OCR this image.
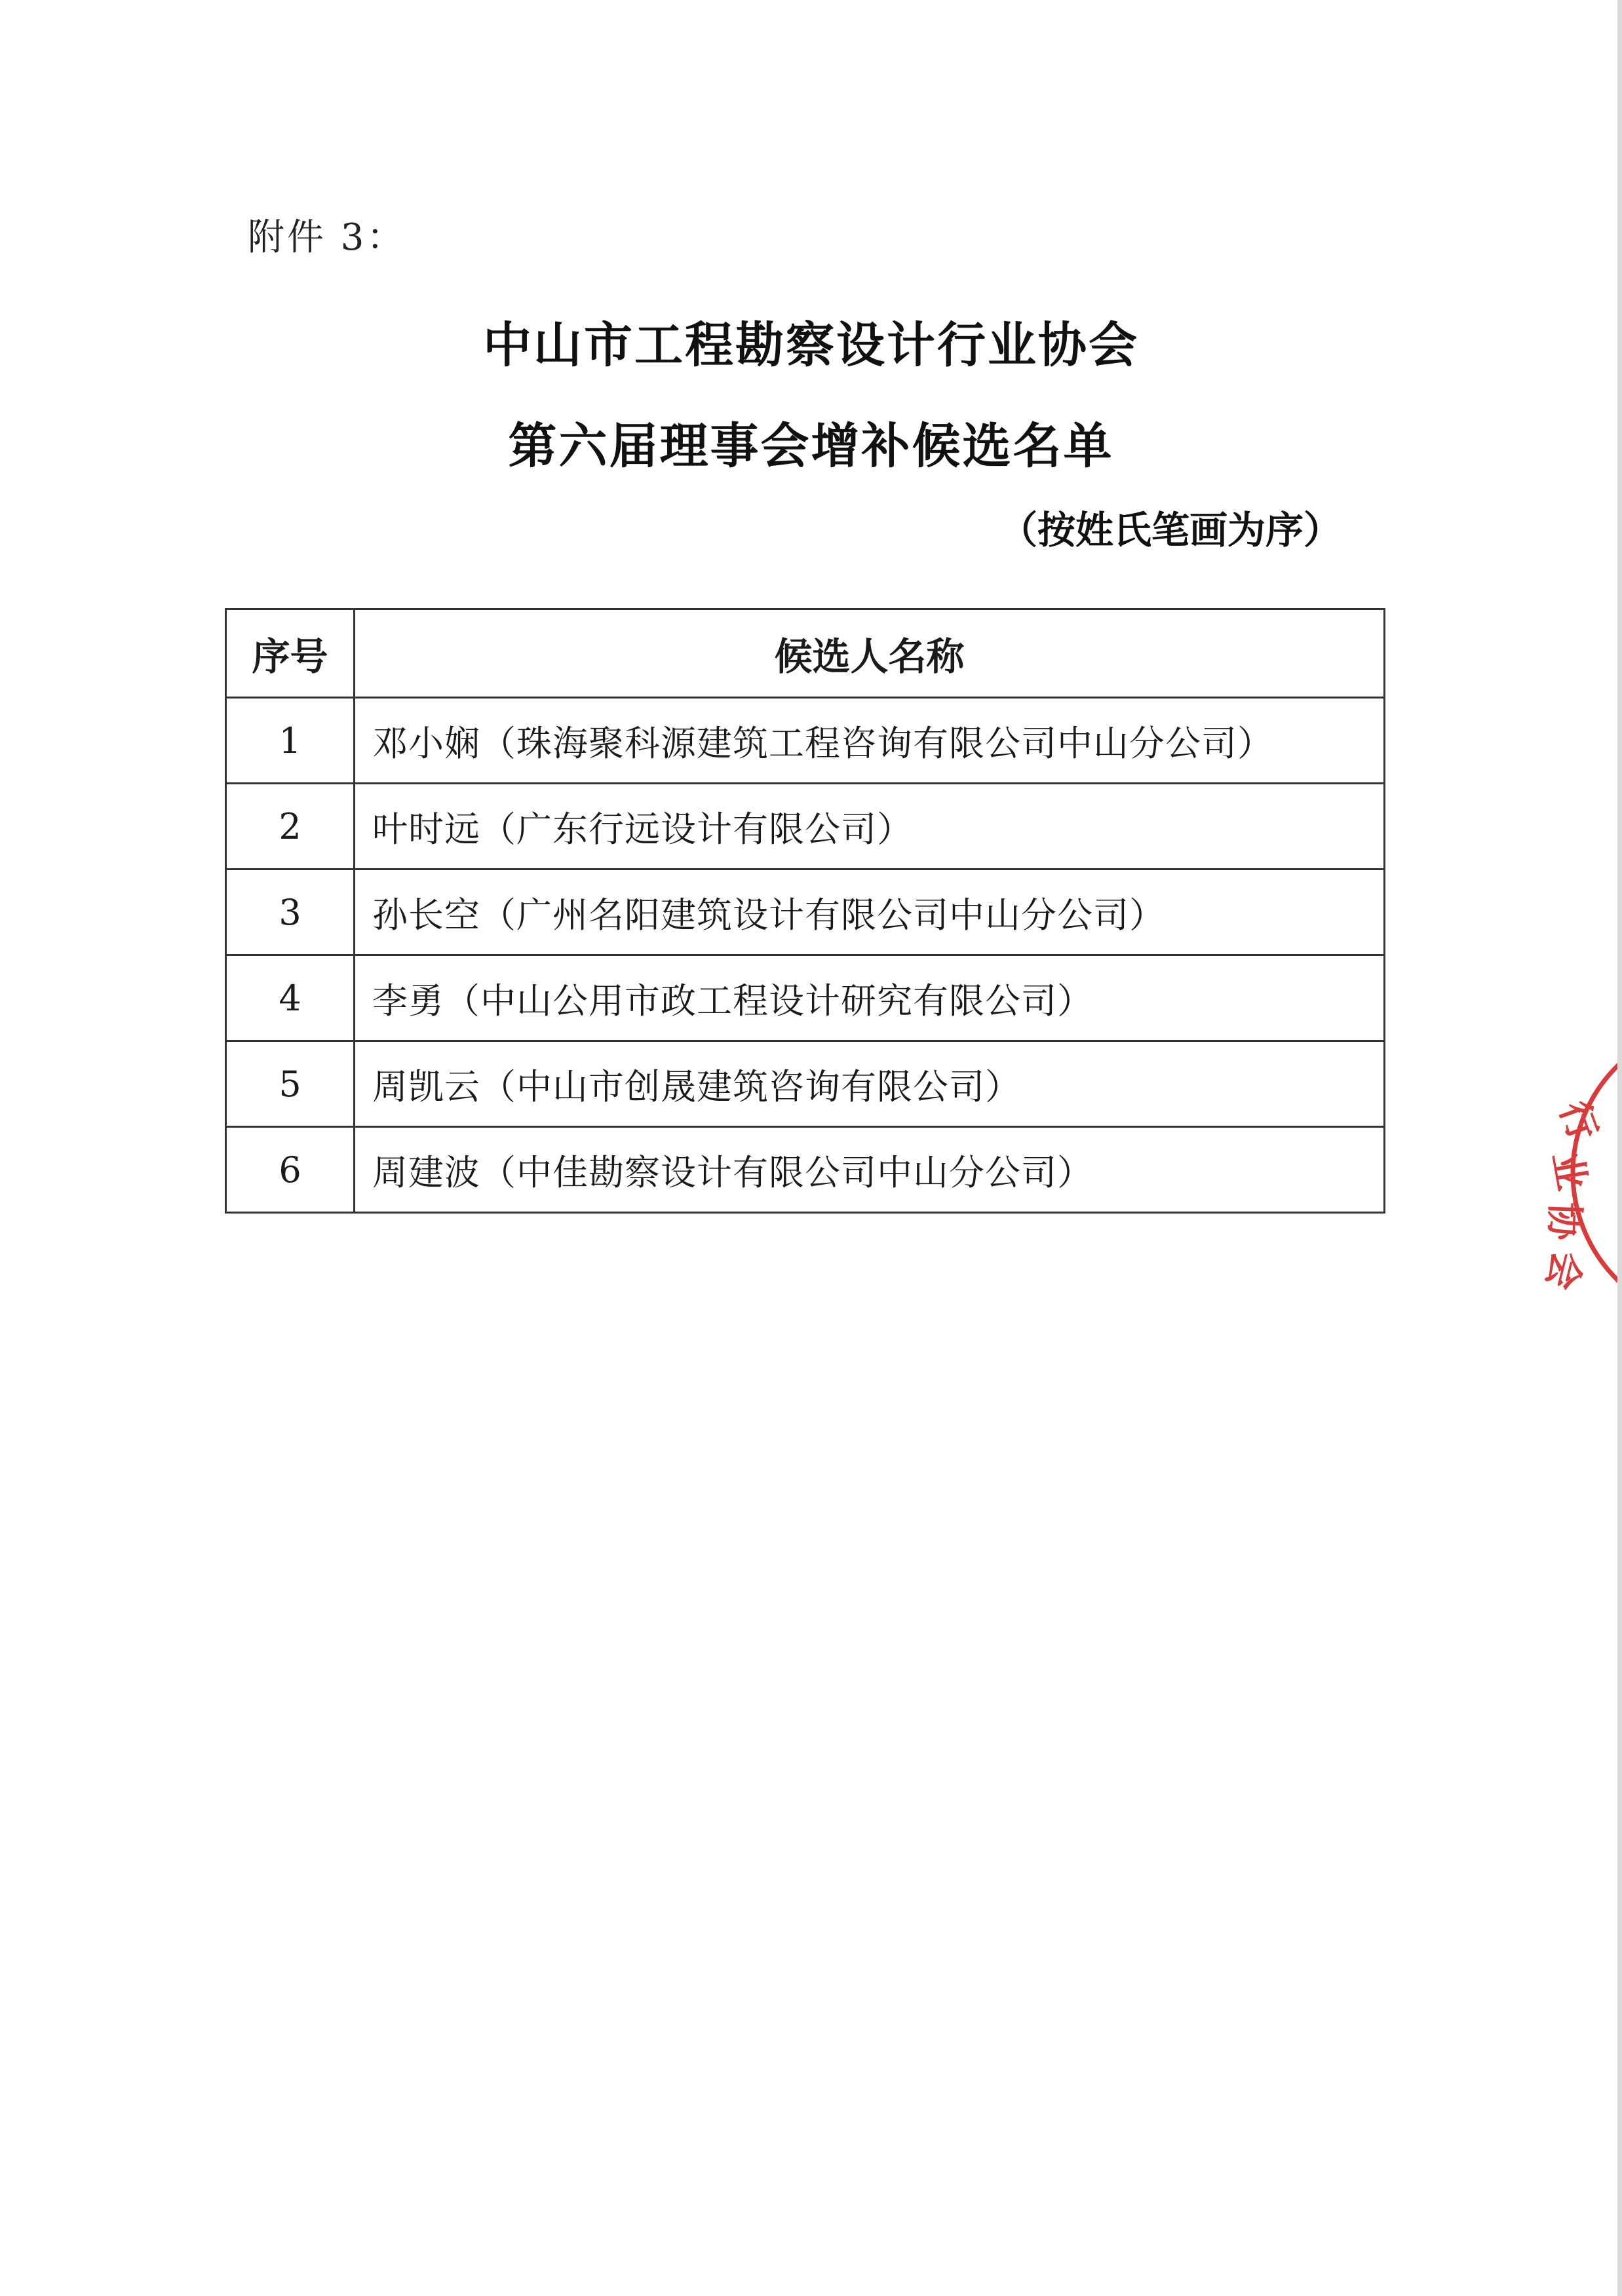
附件 3：
中山市工程勘察设计行业协会
第六届理事会增补候选名单
（按姓氏笔画为序）
序号	候选人名称
1	邓小娴（珠海聚科源建筑工程咨询有限公司中山分公司）
2	叶时远（广东行远设计有限公司）
3	孙长空（广州名阳建筑设计有限公司中山分公司）
4	李勇（中山公用市政工程设计研究有限公司）
5	周凯云（中山市创晟建筑咨询有限公司）
6	周建波（中佳勘察设计有限公司中山分公司）
行
业
协
会
